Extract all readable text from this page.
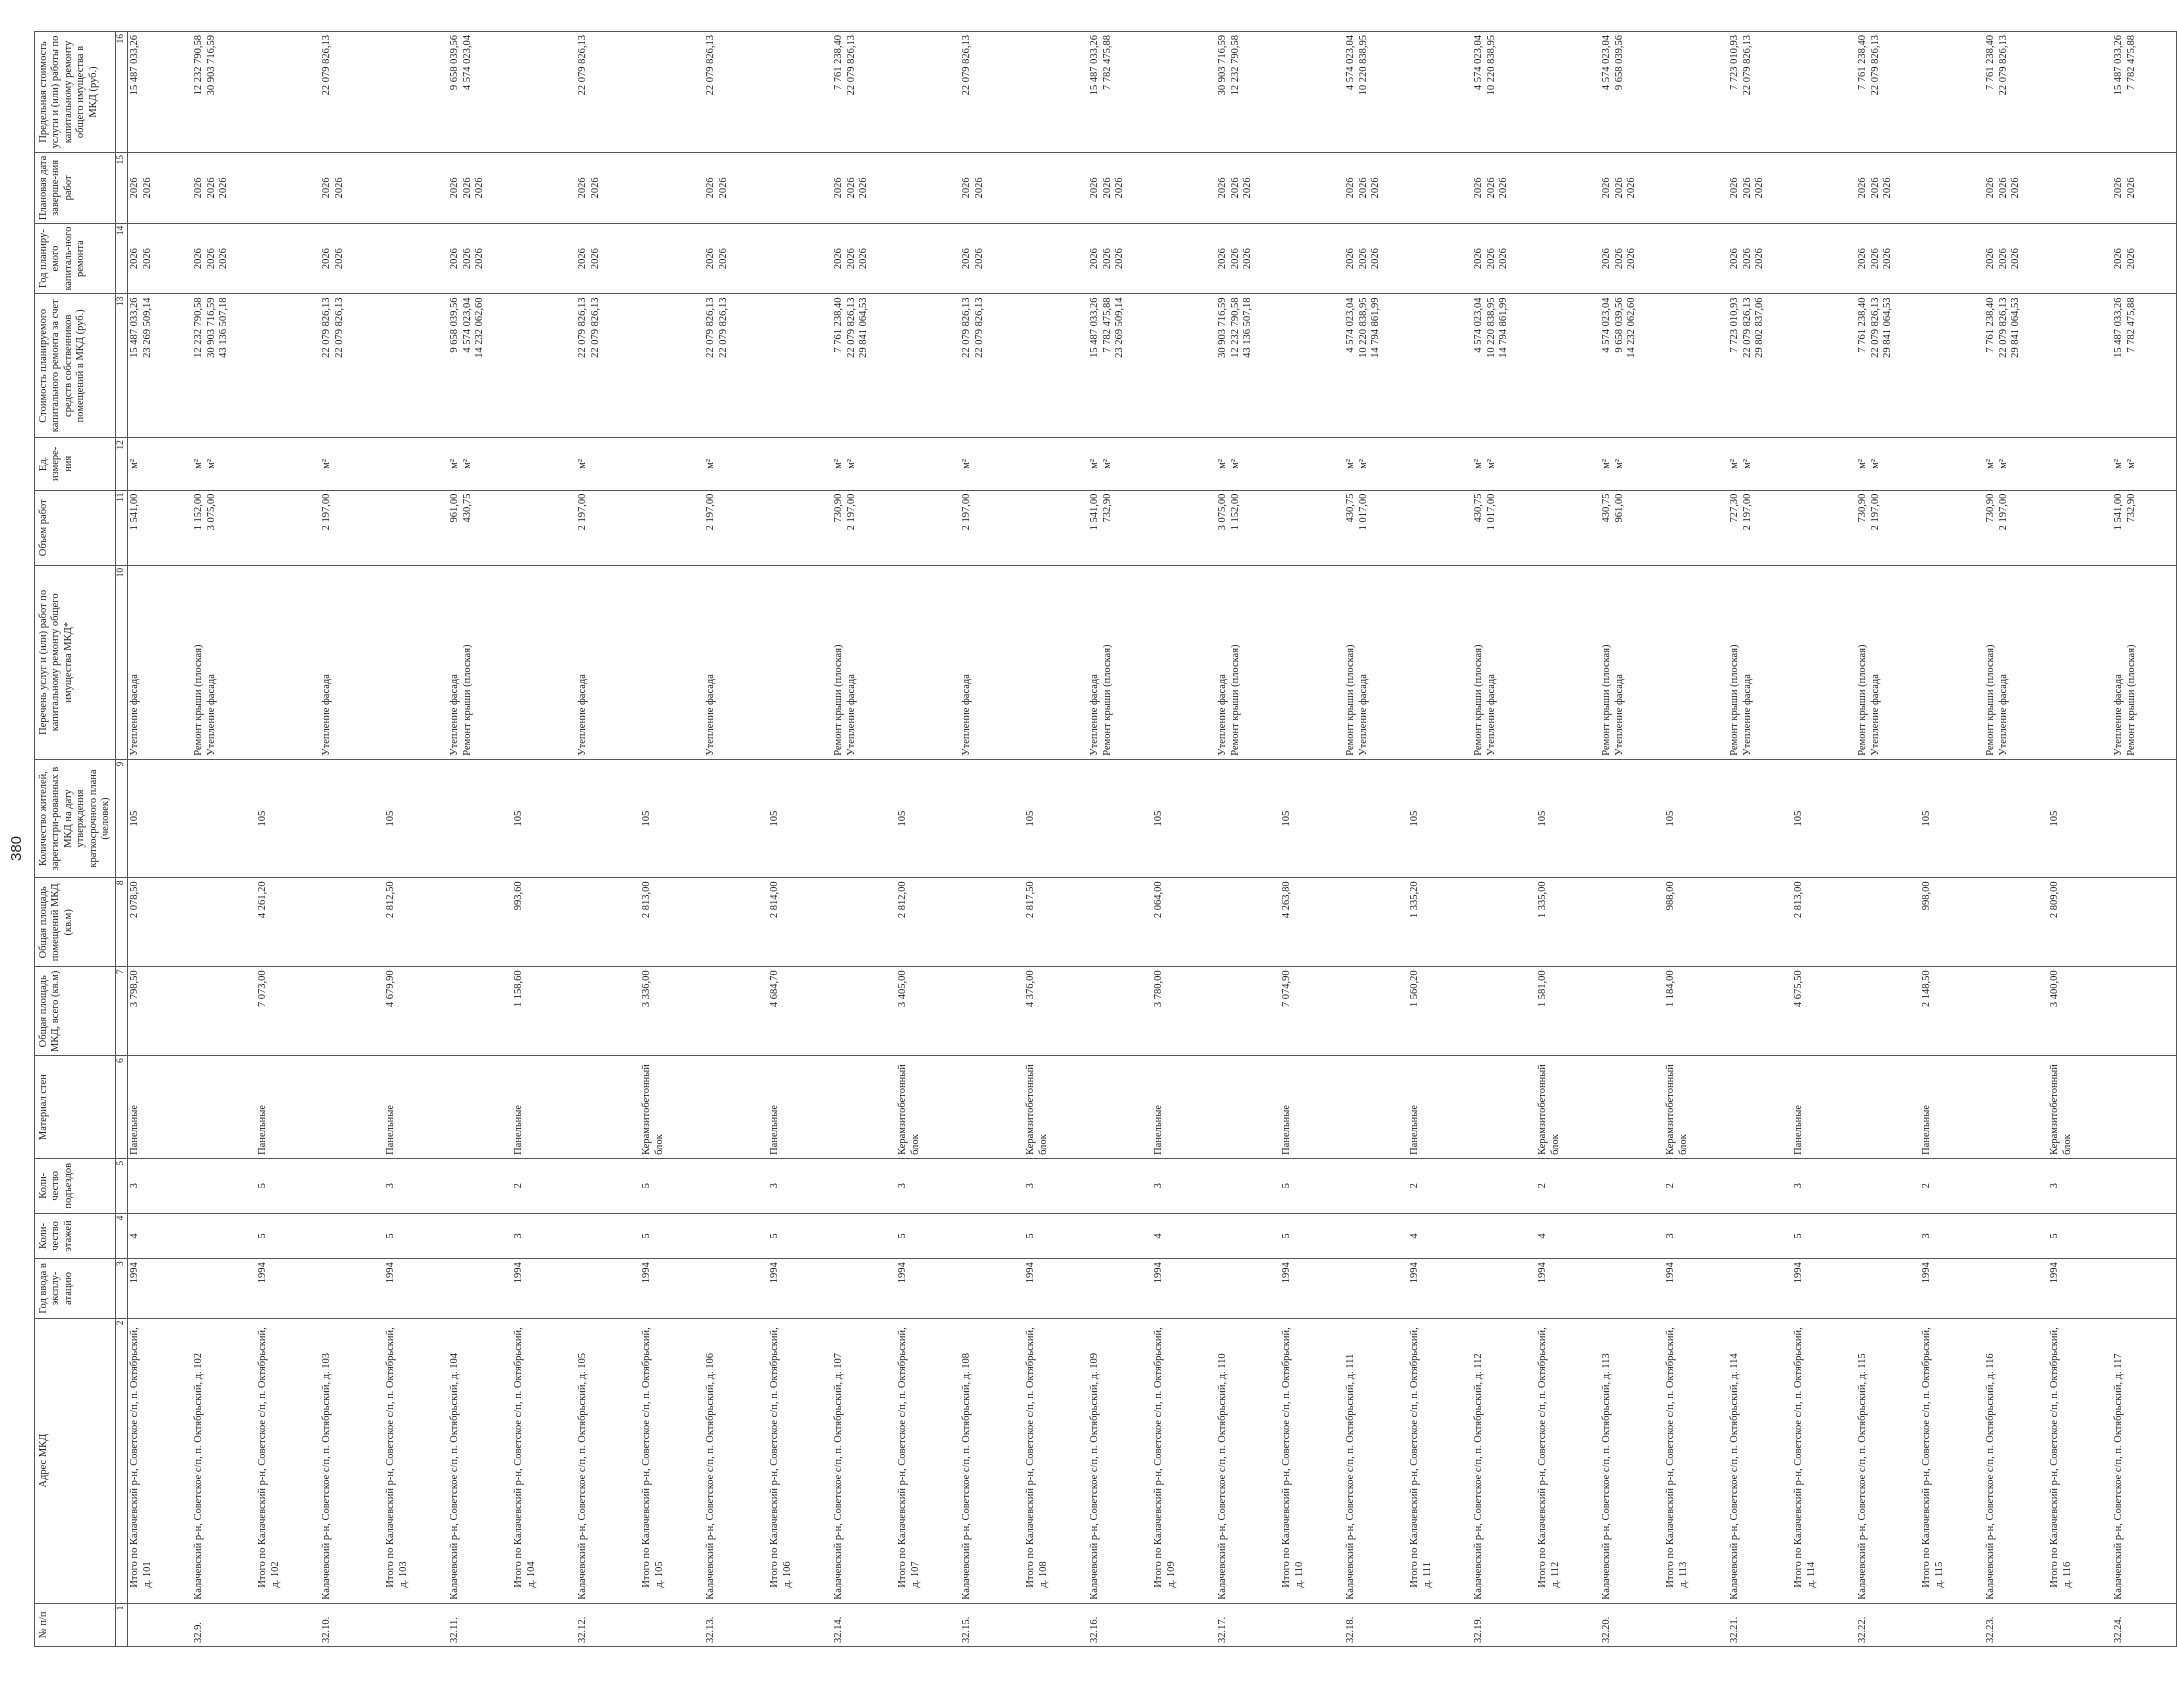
380
№ п/п	Адрес МКД	Год ввода в эксплу-атацию	Коли-чество этажей	Коли-чество подъездов	Материал стен	Общая площадь МКД, всего (кв.м)	Общая площадь помещений МКД (кв.м)	Количество жителей, зарегистри-рованных в МКД на дату утверждения краткосрочного плана (человек)	Перечень услуг и (или) работ по капитальному ремонту общего имущества МКД*	Объем работ	Ед. измере-ния	Стоимость планируемого капитального ремонта за счет средств собственников помещений в МКД (руб.)	Год планиру-емого капиталь-ного ремонта	Плановая дата заверше-ния работ	Предельная стоимость услуги и (или) работы по капитальному ремонту общего имущества в МКД (руб.)
1	2	3	4	5	6	7	8	9	10	11	12	13	14	15	16

	Итого по Калачевский р-н, Советское с/п, п. Октябрьский, д. 101	1994	4	3	Панельные	3 798,50	2 078,50	105	Утепление фасада	1 541,00	м²	15 487 033,26 23 269 509,14	2026 2026	2026 2026	15 487 033,26

32.9.	Калачевский р-н, Советское с/п, п. Октябрьский, д. 102								Ремонт крыши (плоская) Утепление фасада	1 152,00 3 075,00	м² м²	12 232 790,58 30 903 716,59 43 136 507,18	2026 2026 2026	2026 2026 2026	12 232 790,58 30 903 716,59

	Итого по Калачевский р-н, Советское с/п, п. Октябрьский, д. 102	1994	5	5	Панельные	7 073,00	4 261,20	105							
32.10.	Калачевский р-н, Советское с/п, п. Октябрьский, д. 103								Утепление фасада	2 197,00	м²	22 079 826,13 22 079 826,13	2026 2026	2026 2026	22 079 826,13

	Итого по Калачевский р-н, Советское с/п, п. Октябрьский, д. 103	1994	5	3	Панельные	4 679,90	2 812,50	105							
32.11.	Калачевский р-н, Советское с/п, п. Октябрьский, д. 104								Утепление фасада Ремонт крыши (плоская)	961,00 430,75	м² м²	9 658 039,56 4 574 023,04 14 232 062,60	2026 2026 2026	2026 2026 2026	9 658 039,56 4 574 023,04

	Итого по Калачевский р-н, Советское с/п, п. Октябрьский, д. 104	1994	3	2	Панельные	1 158,60	993,60	105							
32.12.	Калачевский р-н, Советское с/п, п. Октябрьский, д. 105								Утепление фасада	2 197,00	м²	22 079 826,13 22 079 826,13	2026 2026	2026 2026	22 079 826,13

	Итого по Калачевский р-н, Советское с/п, п. Октябрьский, д. 105	1994	5	5	Керамзитобетонный блок	3 336,00	2 813,00	105							
32.13.	Калачевский р-н, Советское с/п, п. Октябрьский, д. 106								Утепление фасада	2 197,00	м²	22 079 826,13 22 079 826,13	2026 2026	2026 2026	22 079 826,13

	Итого по Калачевский р-н, Советское с/п, п. Октябрьский, д. 106	1994	5	3	Панельные	4 684,70	2 814,00	105							
32.14.	Калачевский р-н, Советское с/п, п. Октябрьский, д. 107								Ремонт крыши (плоская) Утепление фасада	730,90 2 197,00	м² м²	7 761 238,40 22 079 826,13 29 841 064,53	2026 2026 2026	2026 2026 2026	7 761 238,40 22 079 826,13

	Итого по Калачевский р-н, Советское с/п, п. Октябрьский, д. 107	1994	5	3	Керамзитобетонный блок	3 405,00	2 812,00	105							
32.15.	Калачевский р-н, Советское с/п, п. Октябрьский, д. 108								Утепление фасада	2 197,00	м²	22 079 826,13 22 079 826,13	2026 2026	2026 2026	22 079 826,13

	Итого по Калачевский р-н, Советское с/п, п. Октябрьский, д. 108	1994	5	3	Керамзитобетонный блок	4 376,00	2 817,50	105							
32.16.	Калачевский р-н, Советское с/п, п. Октябрьский, д. 109								Утепление фасада Ремонт крыши (плоская)	1 541,00 732,90	м² м²	15 487 033,26 7 782 475,88 23 269 509,14	2026 2026 2026	2026 2026 2026	15 487 033,26 7 782 475,88

	Итого по Калачевский р-н, Советское с/п, п. Октябрьский, д. 109	1994	4	3	Панельные	3 780,00	2 064,00	105							
32.17.	Калачевский р-н, Советское с/п, п. Октябрьский, д. 110								Утепление фасада Ремонт крыши (плоская)	3 075,00 1 152,00	м² м²	30 903 716,59 12 232 790,58 43 136 507,18	2026 2026 2026	2026 2026 2026	30 903 716,59 12 232 790,58

	Итого по Калачевский р-н, Советское с/п, п. Октябрьский, д. 110	1994	5	5	Панельные	7 074,90	4 263,80	105							
32.18.	Калачевский р-н, Советское с/п, п. Октябрьский, д. 111								Ремонт крыши (плоская) Утепление фасада	430,75 1 017,00	м² м²	4 574 023,04 10 220 838,95 14 794 861,99	2026 2026 2026	2026 2026 2026	4 574 023,04 10 220 838,95

	Итого по Калачевский р-н, Советское с/п, п. Октябрьский, д. 111	1994	4	2	Панельные	1 560,20	1 335,20	105							
32.19.	Калачевский р-н, Советское с/п, п. Октябрьский, д. 112								Ремонт крыши (плоская) Утепление фасада	430,75 1 017,00	м² м²	4 574 023,04 10 220 838,95 14 794 861,99	2026 2026 2026	2026 2026 2026	4 574 023,04 10 220 838,95

	Итого по Калачевский р-н, Советское с/п, п. Октябрьский, д. 112	1994	4	2	Керамзитобетонный блок	1 581,00	1 335,00	105							
32.20.	Калачевский р-н, Советское с/п, п. Октябрьский, д. 113								Ремонт крыши (плоская) Утепление фасада	430,75 961,00	м² м²	4 574 023,04 9 658 039,56 14 232 062,60	2026 2026 2026	2026 2026 2026	4 574 023,04 9 658 039,56

	Итого по Калачевский р-н, Советское с/п, п. Октябрьский, д. 113	1994	3	2	Керамзитобетонный блок	1 184,00	988,00	105							
32.21.	Калачевский р-н, Советское с/п, п. Октябрьский, д. 114								Ремонт крыши (плоская) Утепление фасада	727,30 2 197,00	м² м²	7 723 010,93 22 079 826,13 29 802 837,06	2026 2026 2026	2026 2026 2026	7 723 010,93 22 079 826,13

	Итого по Калачевский р-н, Советское с/п, п. Октябрьский, д. 114	1994	5	3	Панельные	4 675,50	2 813,00	105							
32.22.	Калачевский р-н, Советское с/п, п. Октябрьский, д. 115								Ремонт крыши (плоская) Утепление фасада	730,90 2 197,00	м² м²	7 761 238,40 22 079 826,13 29 841 064,53	2026 2026 2026	2026 2026 2026	7 761 238,40 22 079 826,13

	Итого по Калачевский р-н, Советское с/п, п. Октябрьский, д. 115	1994	3	2	Панельные	2 148,50	998,00	105							
32.23.	Калачевский р-н, Советское с/п, п. Октябрьский, д. 116								Ремонт крыши (плоская) Утепление фасада	730,90 2 197,00	м² м²	7 761 238,40 22 079 826,13 29 841 064,53	2026 2026 2026	2026 2026 2026	7 761 238,40 22 079 826,13

	Итого по Калачевский р-н, Советское с/п, п. Октябрьский, д. 116	1994	5	3	Керамзитобетонный блок	3 400,00	2 809,00	105							
32.24.	Калачевский р-н, Советское с/п, п. Октябрьский, д. 117								Утепление фасада Ремонт крыши (плоская)	1 541,00 732,90	м² м²	15 487 033,26 7 782 475,88	2026 2026	2026 2026	15 487 033,26 7 782 475,88
